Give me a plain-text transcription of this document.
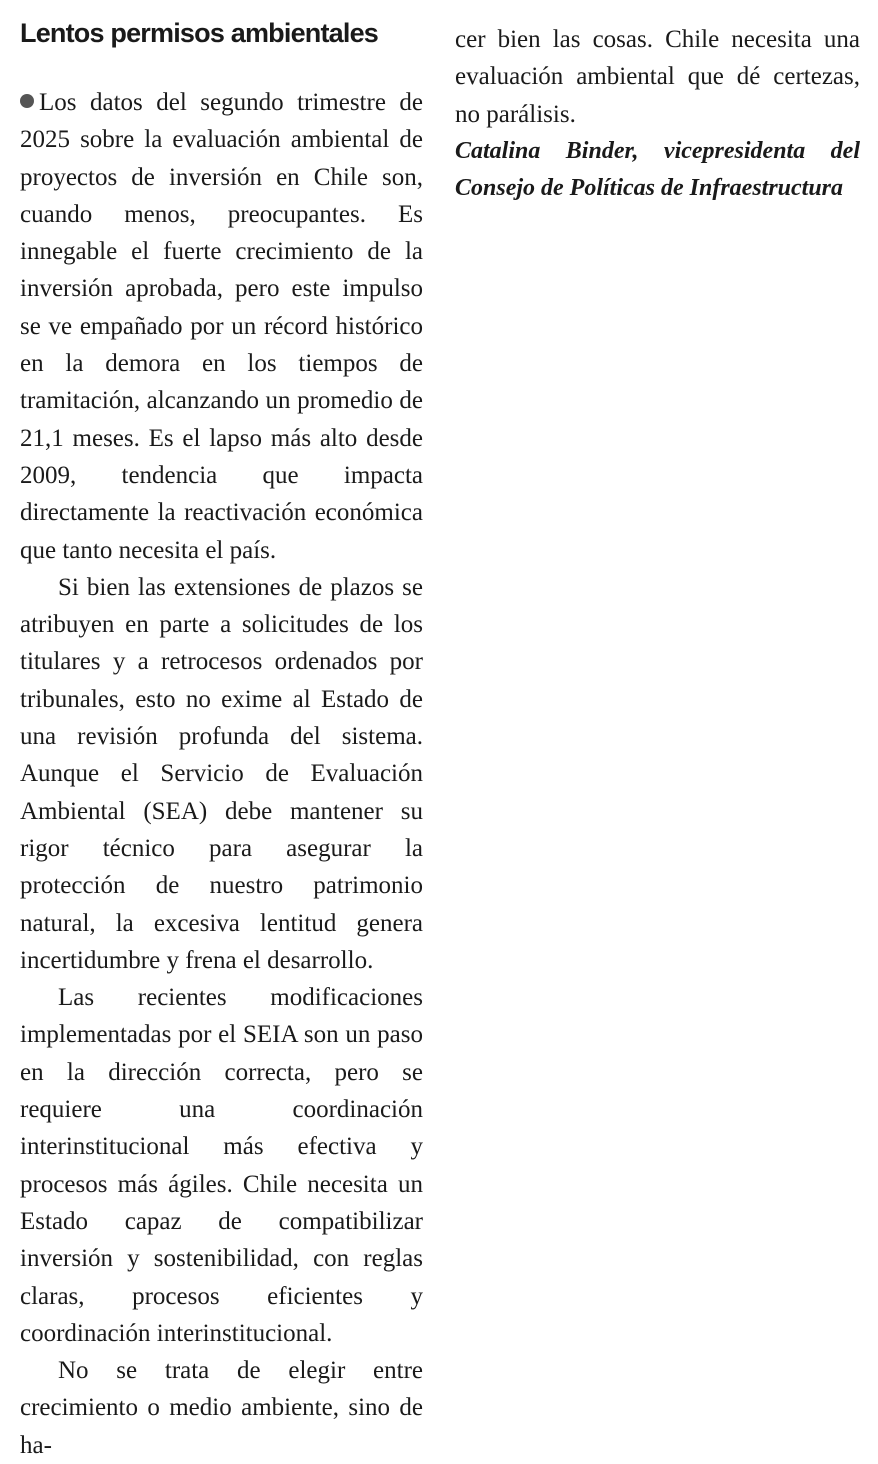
Lentos permisos ambientales

Los datos del segundo trimestre de 2025 sobre la evaluación ambiental de proyectos de inversión en Chile son, cuando menos, preocupantes. Es innegable el fuerte crecimiento de la inversión aprobada, pero este impulso se ve empañado por un récord histórico en la demora en los tiempos de tramitación, alcanzando un promedio de 21,1 meses. Es el lapso más alto desde 2009, tendencia que impacta directamente la reactivación económica que tanto necesita el país.

Si bien las extensiones de plazos se atribuyen en parte a solicitudes de los titulares y a retrocesos ordenados por tribunales, esto no exime al Estado de una revisión profunda del sistema. Aunque el Servicio de Evaluación Ambiental (SEA) debe mantener su rigor técnico para asegurar la protección de nuestro patrimonio natural, la excesiva lentitud genera incertidumbre y frena el desarrollo.

Las recientes modificaciones implementadas por el SEIA son un paso en la dirección correcta, pero se requiere una coordinación interinstitucional más efectiva y procesos más ágiles. Chile necesita un Estado capaz de compatibilizar inversión y sostenibilidad, con reglas claras, procesos eficientes y coordinación interinstitucional.

No se trata de elegir entre crecimiento o medio ambiente, sino de ha-

cer bien las cosas. Chile necesita una evaluación ambiental que dé certezas, no parálisis.

Catalina Binder, vicepresidenta del Consejo de Políticas de Infraestructura
